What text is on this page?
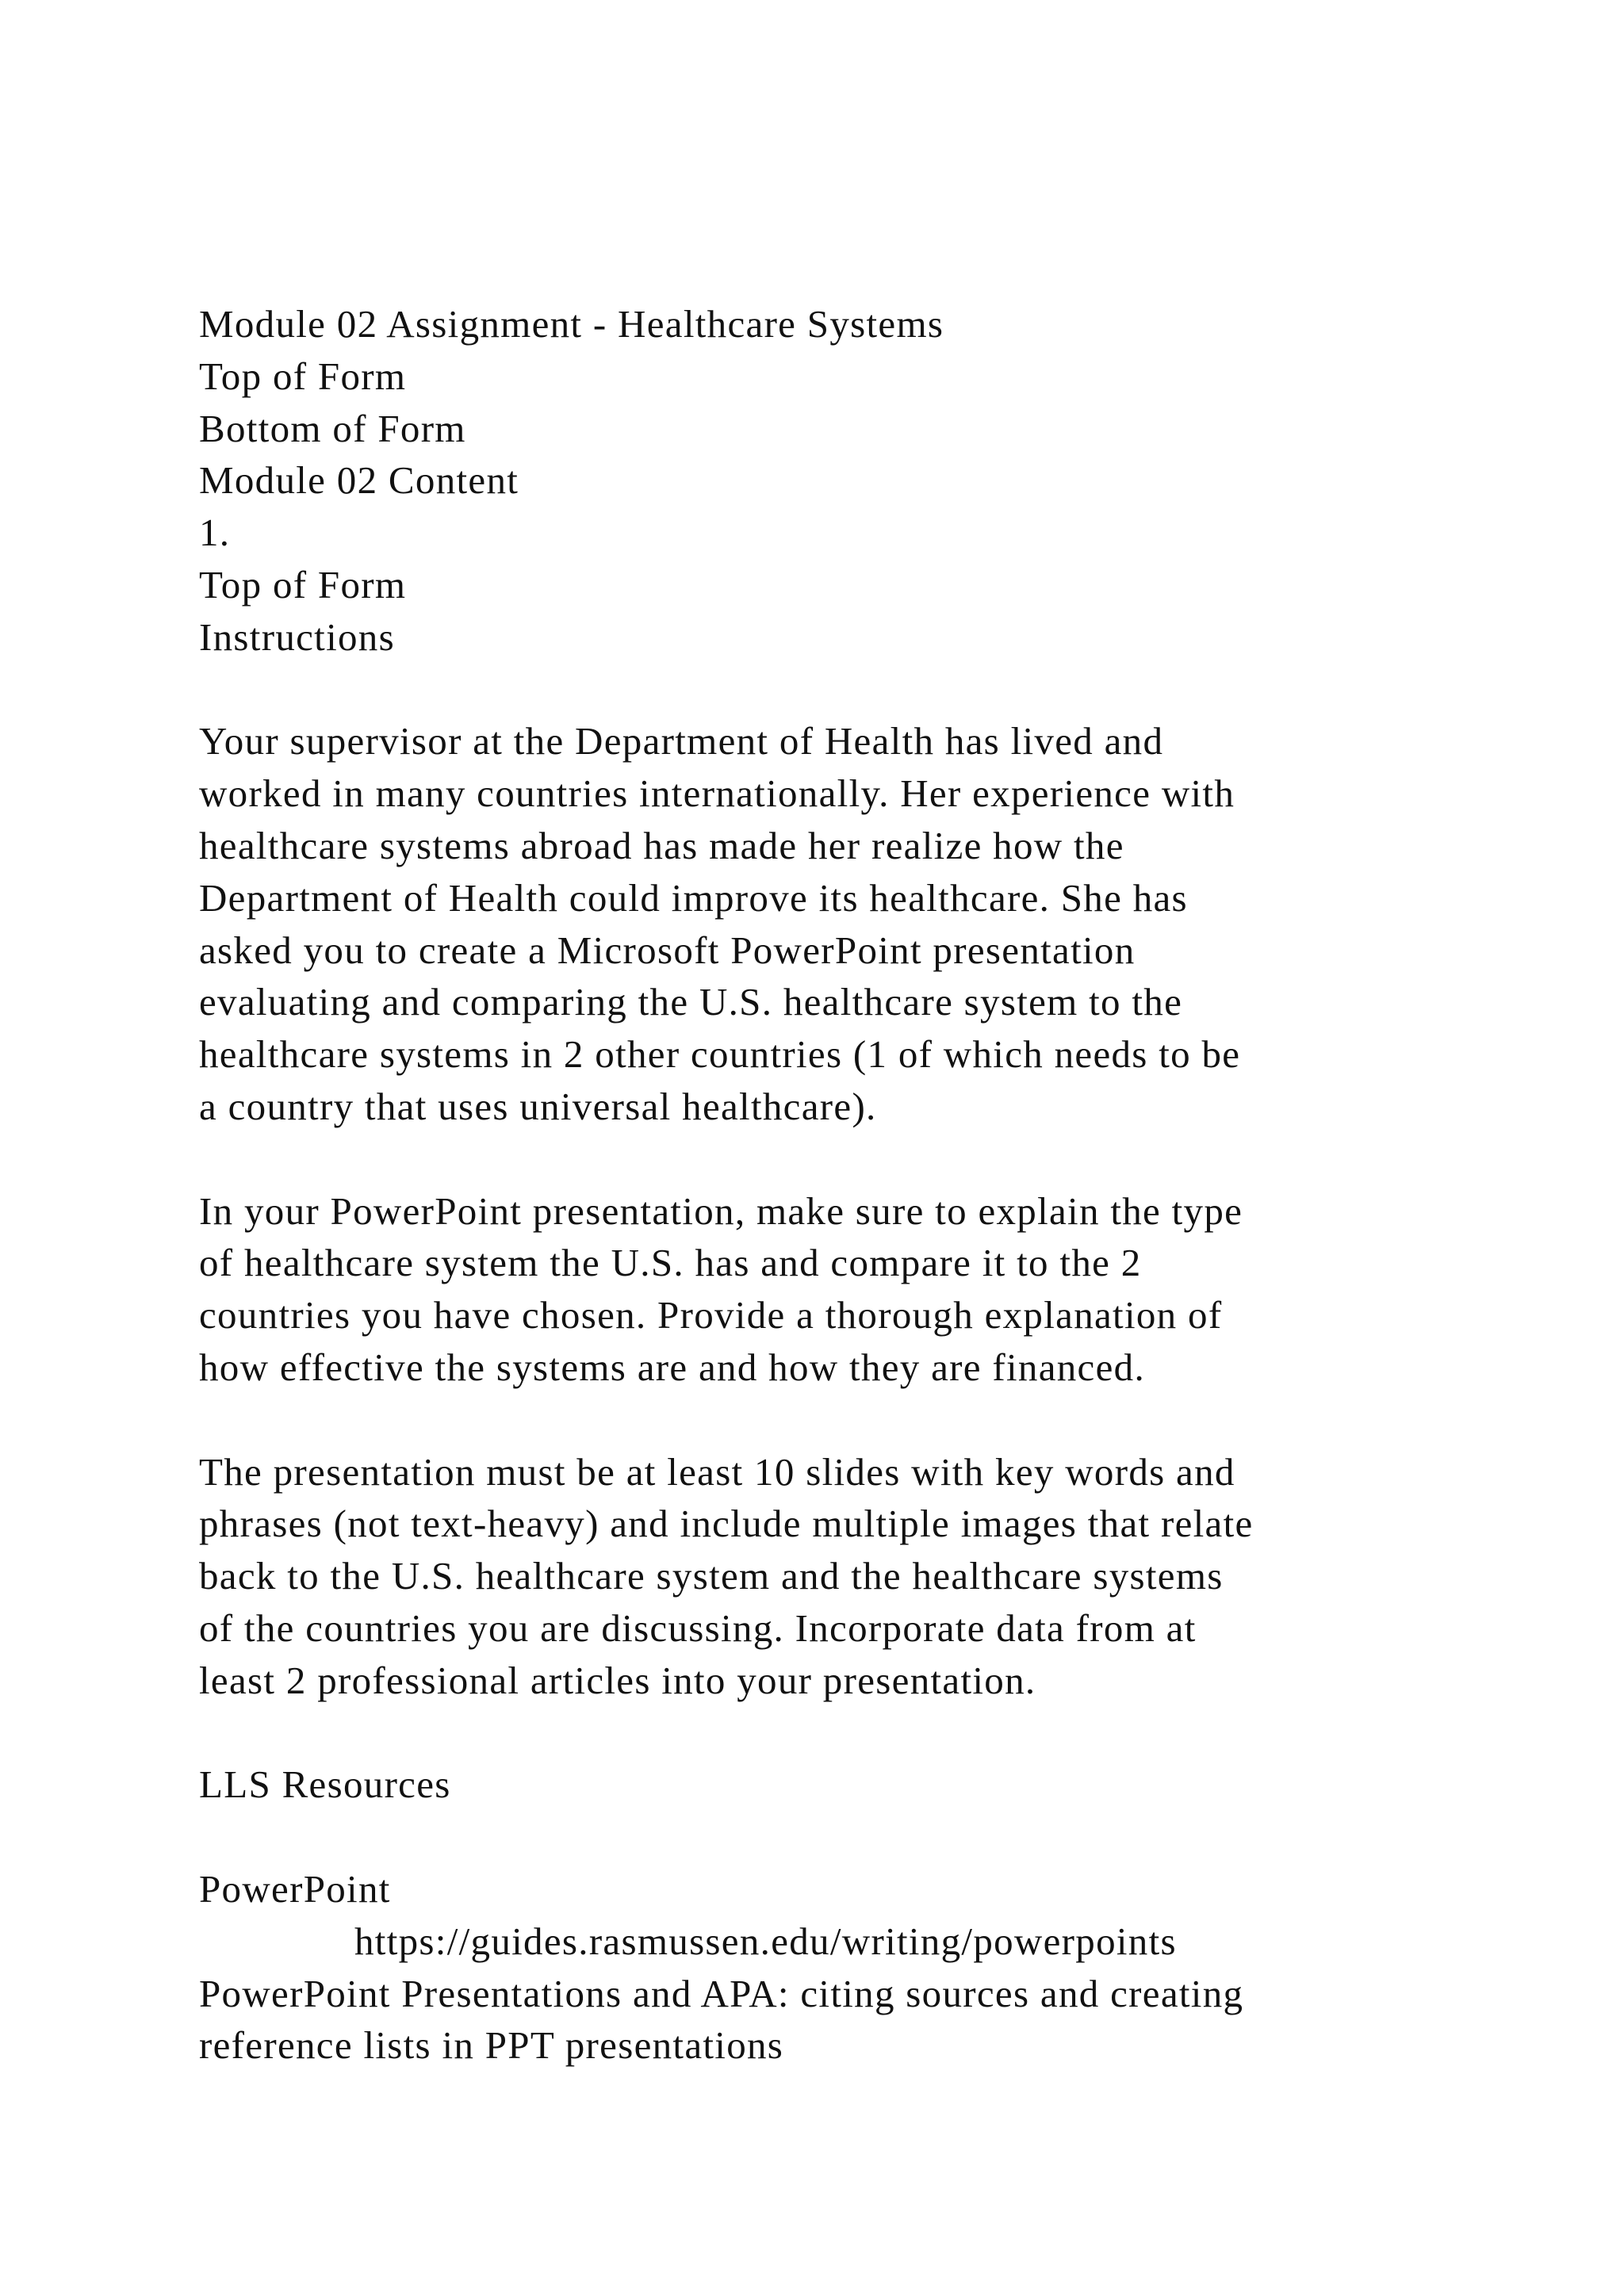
Module 02 Assignment - Healthcare Systems
Top of Form
Bottom of Form
Module 02 Content
1.
Top of Form
Instructions
Your supervisor at the Department of Health has lived and
worked in many countries internationally. Her experience with
healthcare systems abroad has made her realize how the
Department of Health could improve its healthcare. She has
asked you to create a Microsoft PowerPoint presentation
evaluating and comparing the U.S. healthcare system to the
healthcare systems in 2 other countries (1 of which needs to be
a country that uses universal healthcare).
In your PowerPoint presentation, make sure to explain the type
of healthcare system the U.S. has and compare it to the 2
countries you have chosen. Provide a thorough explanation of
how effective the systems are and how they are financed.
The presentation must be at least 10 slides with key words and
phrases (not text-heavy) and include multiple images that relate
back to the U.S. healthcare system and the healthcare systems
of the countries you are discussing. Incorporate data from at
least 2 professional articles into your presentation.
LLS Resources
PowerPoint
https://guides.rasmussen.edu/writing/powerpoints
PowerPoint Presentations and APA: citing sources and creating
reference lists in PPT presentations
